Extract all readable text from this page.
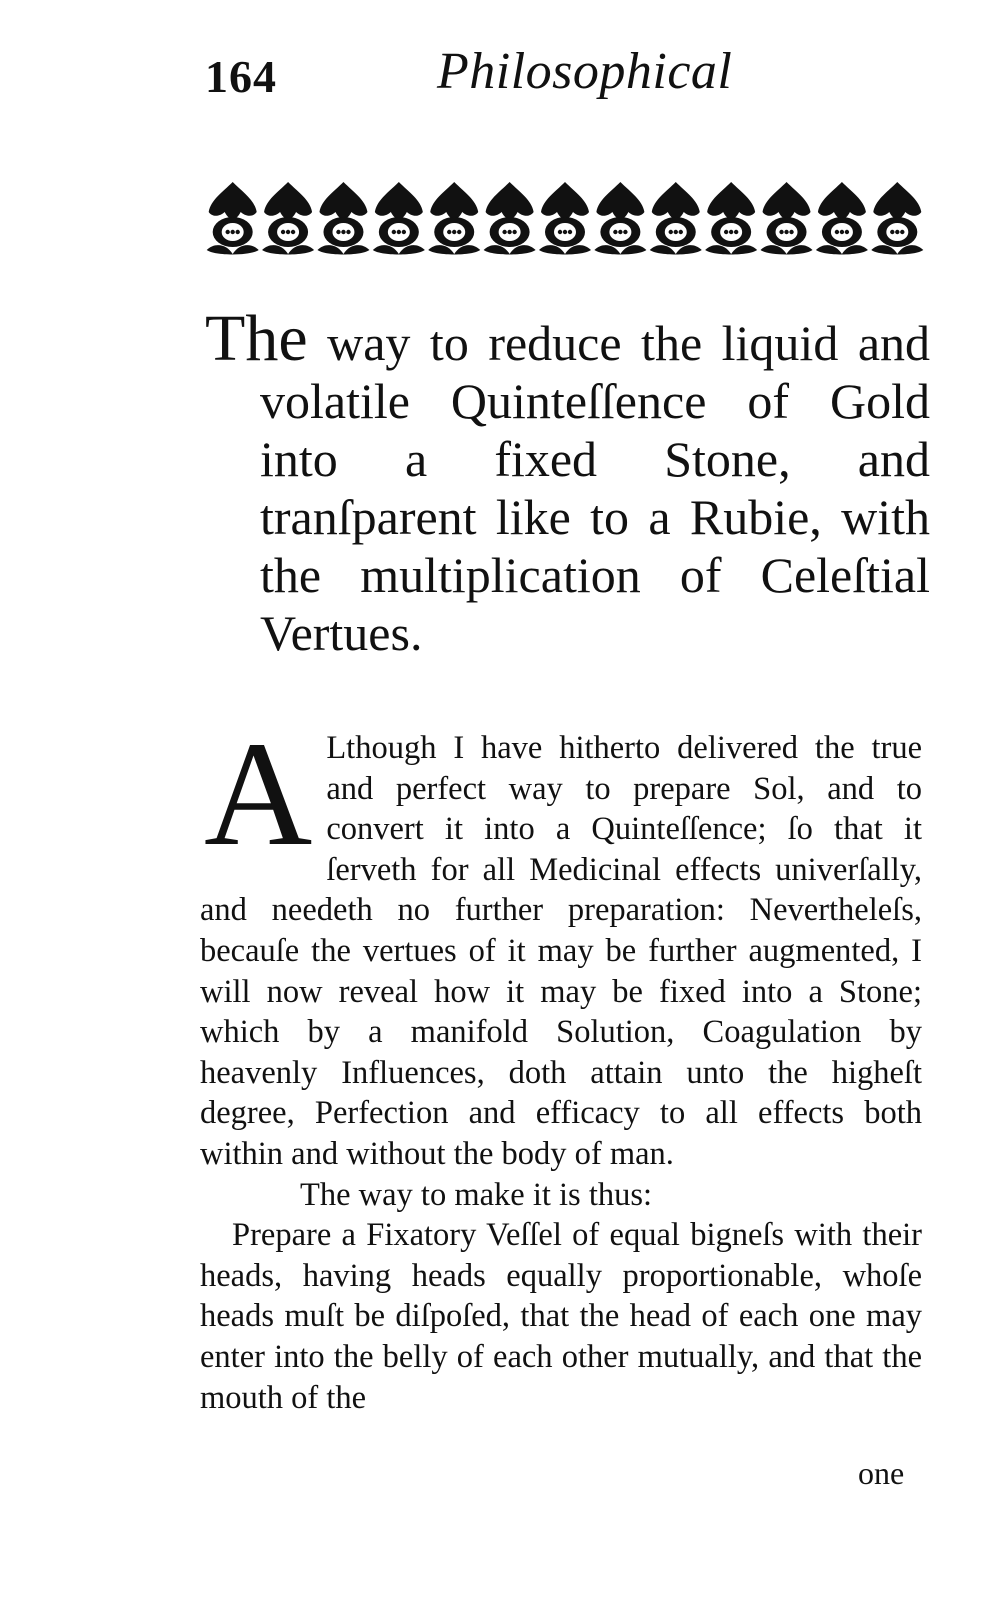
164	Philosophical
The way to reduce the liquid and volatile Quinteſſence of Gold into a fixed Stone, and tranſparent like to a Rubie, with the multiplication of Celeſtial Vertues.

A Lthough I have hitherto delivered the true and perfect way to prepare Sol, and to convert it into a Quinteſſence; ſo that it ſerveth for all Medicinal effects univerſally, and needeth no further preparation: Nevertheleſs, becauſe the vertues of it may be further augmented, I will now reveal how it may be fixed into a Stone; which by a manifold Solution, Coagulation by heavenly Influences, doth attain unto the higheſt degree, Perfection and efficacy to all effects both within and without the body of man.

The way to make it is thus:

Prepare a Fixatory Veſſel of equal bigneſs with their heads, having heads equally proportionable, whoſe heads muſt be diſpoſed, that the head of each one may enter into the belly of each other mutually, and that the mouth of the

one
